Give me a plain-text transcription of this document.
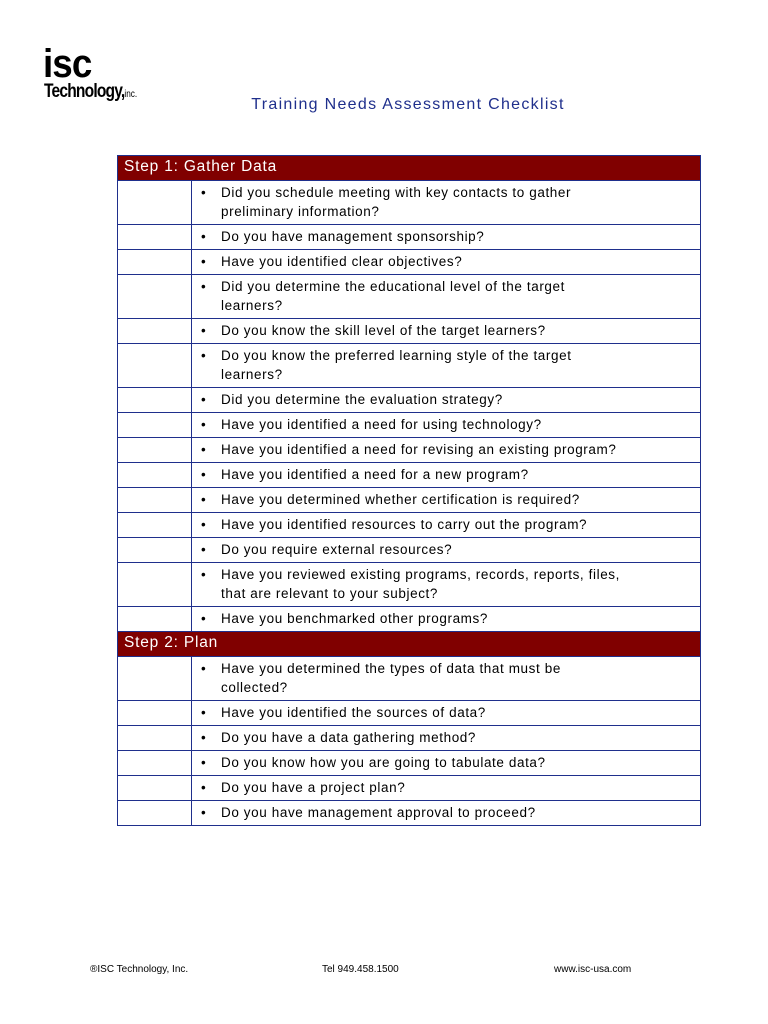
isc
Technology,inc.
Training Needs Assessment Checklist
Step 1: Gather Data	

	• Did you schedule meeting with key contacts to gather
preliminary information?

	• Do you have management sponsorship?

	• Have you identified clear objectives?

	• Did you determine the educational level of the target
learners?

	• Do you know the skill level of the target learners?

	• Do you know the preferred learning style of the target
learners?

	• Did you determine the evaluation strategy?

	• Have you identified a need for using technology?

	• Have you identified a need for revising an existing program?

	• Have you identified a need for a new program?

	• Have you determined whether certification is required?

	• Have you identified resources to carry out the program?

	• Do you require external resources?

	• Have you reviewed existing programs, records, reports, files,
that are relevant to your subject?

	• Have you benchmarked other programs?

Step 2: Plan	

	• Have you determined the types of data that must be
collected?

	• Have you identified the sources of data?

	• Do you have a data gathering method?

	• Do you know how you are going to tabulate data?

	• Do you have a project plan?

	• Do you have management approval to proceed?
®ISC Technology, Inc.	Tel 949.458.1500	www.isc-usa.com
